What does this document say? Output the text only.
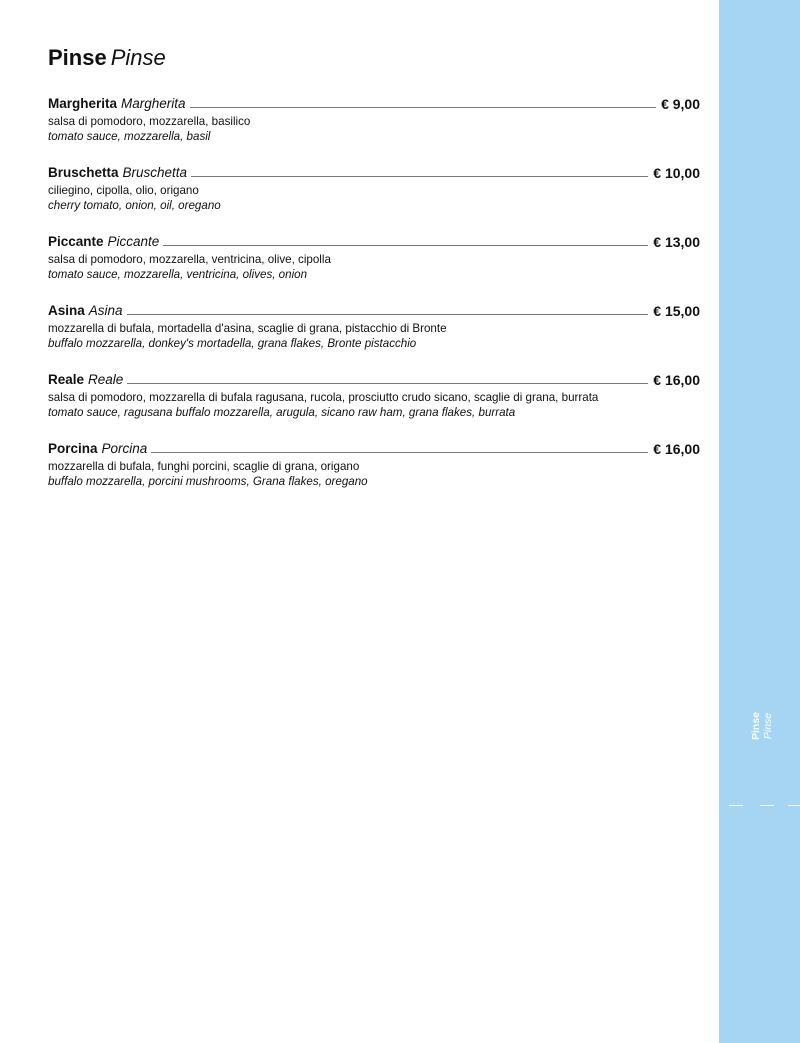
Pinse Pinse
Margherita Margherita	€ 9,00
salsa di pomodoro, mozzarella, basilico
tomato sauce, mozzarella, basil
Bruschetta Bruschetta	€ 10,00
ciliegino, cipolla, olio, origano
cherry tomato, onion, oil, oregano
Piccante Piccante	€ 13,00
salsa di pomodoro, mozzarella, ventricina, olive, cipolla
tomato sauce, mozzarella, ventricina, olives, onion
Asina Asina	€ 15,00
mozzarella di bufala, mortadella d'asina, scaglie di grana, pistacchio di Bronte
buffalo mozzarella, donkey's mortadella, grana flakes, Bronte pistacchio
Reale Reale	€ 16,00
salsa di pomodoro, mozzarella di bufala ragusana, rucola, prosciutto crudo sicano, scaglie di grana, burrata
tomato sauce, ragusana buffalo mozzarella, arugula, sicano raw ham, grana flakes, burrata
Porcina Porcina	€ 16,00
mozzarella di bufala, funghi porcini, scaglie di grana, origano
buffalo mozzarella, porcini mushrooms, Grana flakes, oregano
Pinse Pinse
